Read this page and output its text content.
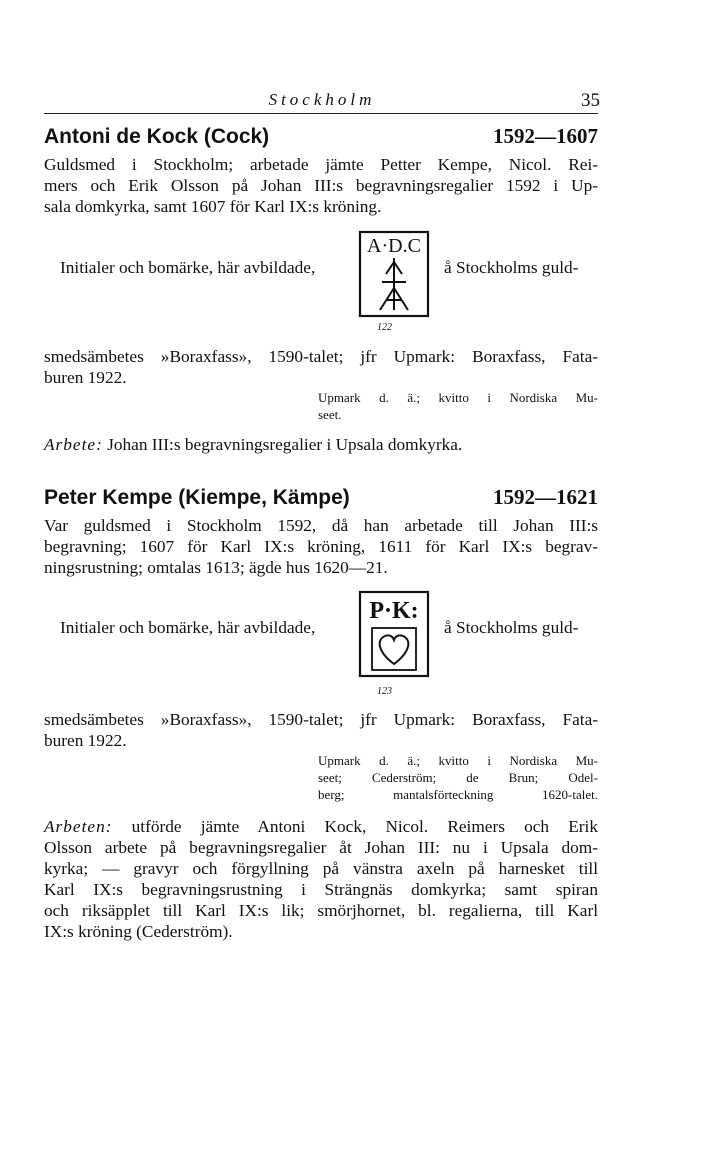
Stockholm	35
Antoni de Kock (Cock)	1592—1607
Guldsmed i Stockholm; arbetade jämte Petter Kempe, Nicol. Rei-
mers och Erik Olsson på Johan III:s begravningsregalier 1592 i Up-
sala domkyrka, samt 1607 för Karl IX:s kröning.
Initialer och bomärke, här avbildade,
A·D.C
å Stockholms guld-
122
smedsämbetes »Boraxfass», 1590-talet; jfr Upmark: Boraxfass, Fata-
buren 1922.
Upmark d. ä.; kvitto i Nordiska Mu-
seet.
Arbete: Johan III:s begravningsregalier i Upsala domkyrka.
Peter Kempe (Kiempe, Kämpe)	1592—1621
Var guldsmed i Stockholm 1592, då han arbetade till Johan III:s
begravning; 1607 för Karl IX:s kröning, 1611 för Karl IX:s begrav-
ningsrustning; omtalas 1613; ägde hus 1620—21.
Initialer och bomärke, här avbildade,
P·K:
å Stockholms guld-
123
smedsämbetes »Boraxfass», 1590-talet; jfr Upmark: Boraxfass, Fata-
buren 1922.
Upmark d. ä.; kvitto i Nordiska Mu-
seet; Cederström; de Brun; Odel-
berg; mantalsförteckning 1620-talet.
Arbeten: utförde jämte Antoni Kock, Nicol. Reimers och Erik
Olsson arbete på begravningsregalier åt Johan III: nu i Upsala dom-
kyrka; — gravyr och förgyllning på vänstra axeln på harnesket till
Karl IX:s begravningsrustning i Strängnäs domkyrka; samt spiran
och riksäpplet till Karl IX:s lik; smörjhornet, bl. regalierna, till Karl
IX:s kröning (Cederström).
